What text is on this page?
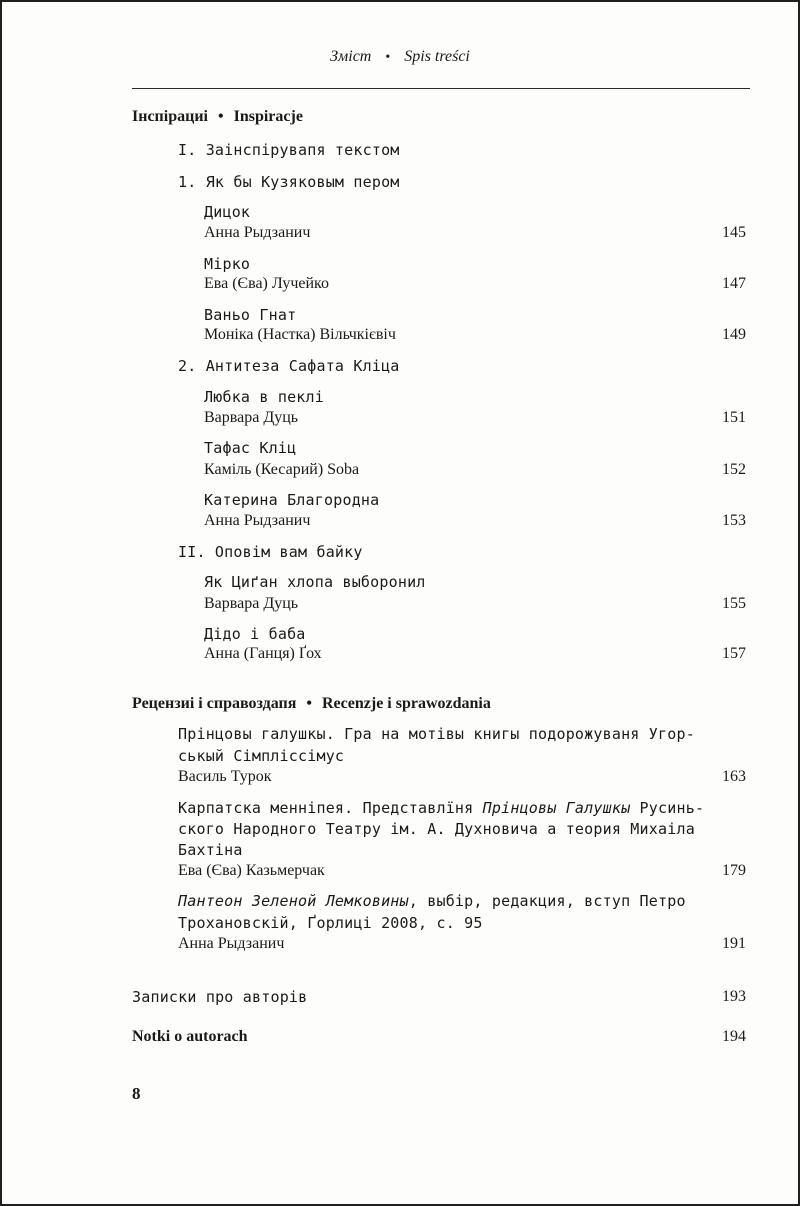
Зміст • Spis treści
Інспірациі • Inspiracje
I. Заінспірувапя текстом
1. Як бы Кузяковым пером
Дицок
Анна Рыдзанич	145
Мірко
Ева (Єва) Лучейко	147
Ваньо Гнат
Моніка (Настка) Вільчкієвіч	149
2. Антитеза Сафата Кліца
Любка в пеклі
Варвара Дуць	151
Тафас Кліц
Каміль (Кесарий) Sоba	152
Катерина Благородна
Анна Рыдзанич	153
II. Оповім вам байку
Як Циґан хлопа выборонил
Варвара Дуць	155
Дідо і баба
Анна (Ганця) Ґох	157
Рецензиі і справоздапя • Recenzje i sprawozdania
Прінцовы галушкы. Гра на мотівы книгы подорожуваня Угор-
ськый Сімпліссімус
Василь Турок	163
Карпатска менніпея. Представлїня Прінцовы Галушкы Русинь-
ского Народного Театру ім. А. Духновича а теория Михаіла
Бахтіна
Ева (Єва) Казьмерчак	179
Пантеон Зеленой Лемковины, выбір, редакция, вступ Петро
Трохановскій, Ґорлиці 2008, с. 95
Анна Рыдзанич	191
Записки про авторів	193
Notki o autorach	194
8
